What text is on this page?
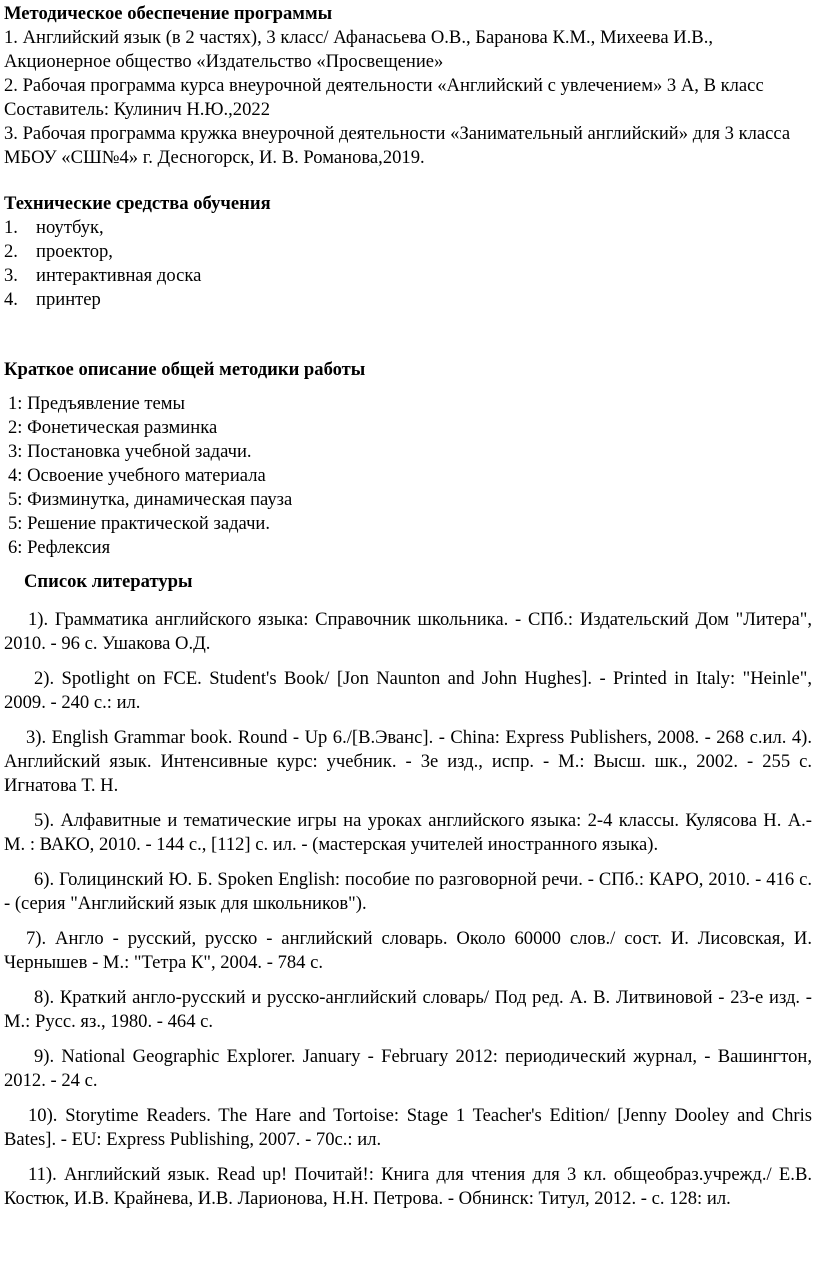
Методическое обеспечение программы

1. Английский язык (в 2 частях), 3 класс/ Афанасьева О.В., Баранова К.М., Михеева И.В., Акционерное общество «Издательство «Просвещение»

2. Рабочая программа курса внеурочной деятельности «Английский с увлечением» 3 А, В класс Составитель: Кулинич Н.Ю.,2022

3. Рабочая программа кружка внеурочной деятельности «Занимательный английский» для 3 класса МБОУ «СШ№4» г. Десногорск, И. В. Романова,2019.

Технические средства обучения
1. ноутбук,
2. проектор,
3. интерактивная доска
4. принтер
Краткое описание общей методики работы

1: Предъявление темы

2: Фонетическая разминка

3: Постановка учебной задачи.

4: Освоение учебного материала

5: Физминутка, динамическая пауза

5: Решение практической задачи.

6: Рефлексия

Список литературы

1). Грамматика английского языка: Справочник школьника. - СПб.: Издательский Дом "Литера", 2010. - 96 с. Ушакова О.Д.

2). Spotlight on FCE. Student's Book/ [Jon Naunton and John Hughes]. - Printed in Italy: "Heinle", 2009. - 240 с.: ил.

3). English Grammar book. Round - Up 6./[В.Эванс]. - China: Express Publishers, 2008. - 268 с.ил. 4). Английский язык. Интенсивные курс: учебник. - 3е изд., испр. - М.: Высш. шк., 2002. - 255 с. Игнатова Т. Н.

5). Алфавитные и тематические игры на уроках английского языка: 2-4 классы. Кулясова Н. А.- М. : ВАКО, 2010. - 144 с., [112] с. ил. - (мастерская учителей иностранного языка).

6). Голицинский Ю. Б. Spoken English: пособие по разговорной речи. - СПб.: КАРО, 2010. - 416 с. - (серия "Английский язык для школьников").

7). Англо - русский, русско - английский словарь. Около 60000 слов./ сост. И. Лисовская, И. Чернышев - М.: "Тетра К", 2004. - 784 с.

8). Краткий англо-русский и русско-английский словарь/ Под ред. А. В. Литвиновой - 23-е изд. - М.: Русс. яз., 1980. - 464 с.

9). National Geographic Explorer. January - February 2012: периодический журнал, - Вашингтон, 2012. - 24 с.

10). Storytime Readers. The Hare and Tortoise: Stage 1 Teacher's Edition/ [Jenny Dooley and Chris Bates]. - EU: Express Publishing, 2007. - 70с.: ил.

11). Английский язык. Read up! Почитай!: Книга для чтения для 3 кл. общеобраз.учрежд./ Е.В. Костюк, И.В. Крайнева, И.В. Ларионова, Н.Н. Петрова. - Обнинск: Титул, 2012. - с. 128: ил.
